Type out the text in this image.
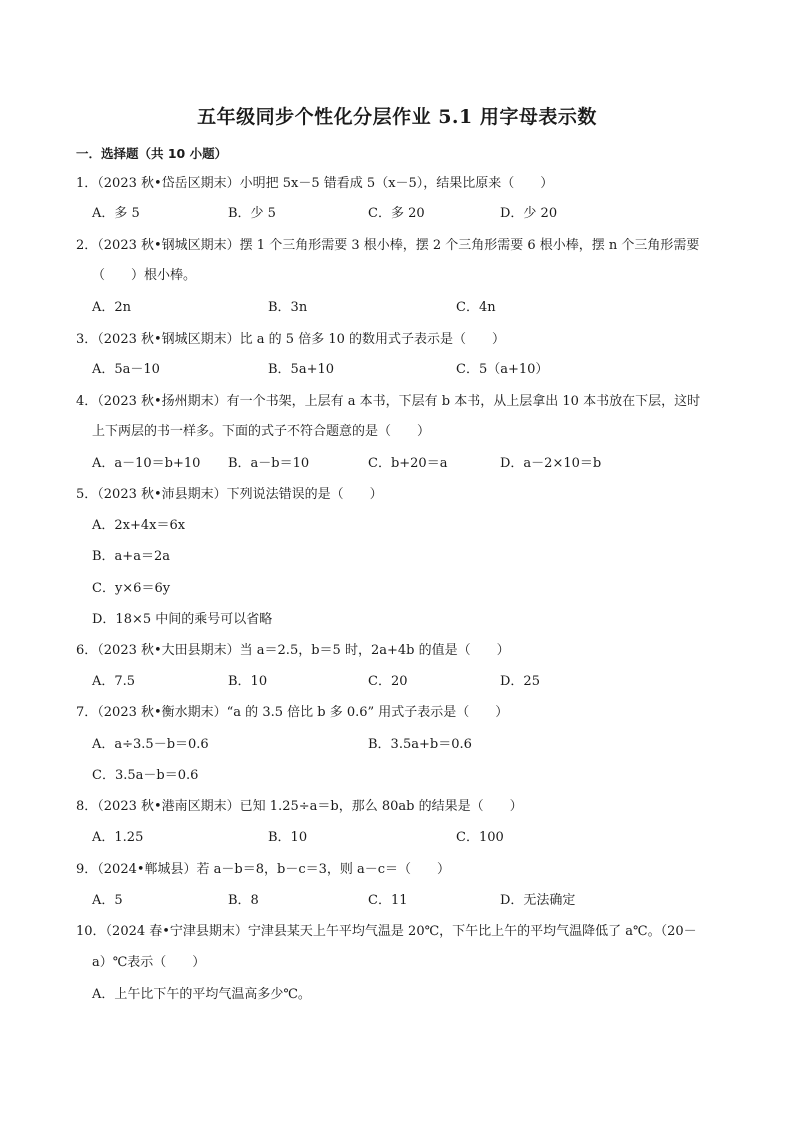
五年级同步个性化分层作业 5.1 用字母表示数
一．选择题（共 10 小题）
1．（2023 秋•岱岳区期末）小明把 5x－5 错看成 5（x－5），结果比原来（　　）
A．多 5	B．少 5	C．多 20	D．少 20
2．（2023 秋•钢城区期末）摆 1 个三角形需要 3 根小棒，摆 2 个三角形需要 6 根小棒，摆 n 个三角形需要
（　　）根小棒。
A．2n	B．3n	C．4n
3．（2023 秋•钢城区期末）比 a 的 5 倍多 10 的数用式子表示是（　　）
A．5a－10	B．5a+10	C．5（a+10）
4．（2023 秋•扬州期末）有一个书架，上层有 a 本书，下层有 b 本书，从上层拿出 10 本书放在下层，这时
上下两层的书一样多。下面的式子不符合题意的是（　　）
A．a－10＝b+10 B．a－b＝10	C．b+20＝a	D．a－2×10＝b
5．（2023 秋•沛县期末）下列说法错误的是（　　）
A．2x+4x＝6x
B．a+a＝2a
C．y×6＝6y
D．18×5 中间的乘号可以省略
6．（2023 秋•大田县期末）当 a＝2.5，b＝5 时，2a+4b 的值是（　　）
A．7.5	B．10	C．20	D．25
7．（2023 秋•衡水期末）“a 的 3.5 倍比 b 多 0.6” 用式子表示是（　　）
A．a÷3.5－b＝0.6	B．3.5a+b＝0.6
C．3.5a－b＝0.6
8．（2023 秋•港南区期末）已知 1.25÷a＝b，那么 80ab 的结果是（　　）
A．1.25	B．10	C．100
9．（2024•郸城县）若 a－b＝8，b－c＝3，则 a－c＝（　　）
A．5	B．8	C．11	D．无法确定
10．（2024 春•宁津县期末）宁津县某天上午平均气温是 20℃，下午比上午的平均气温降低了 a℃。（20－
a）℃表示（　　）
A．上午比下午的平均气温高多少℃。
